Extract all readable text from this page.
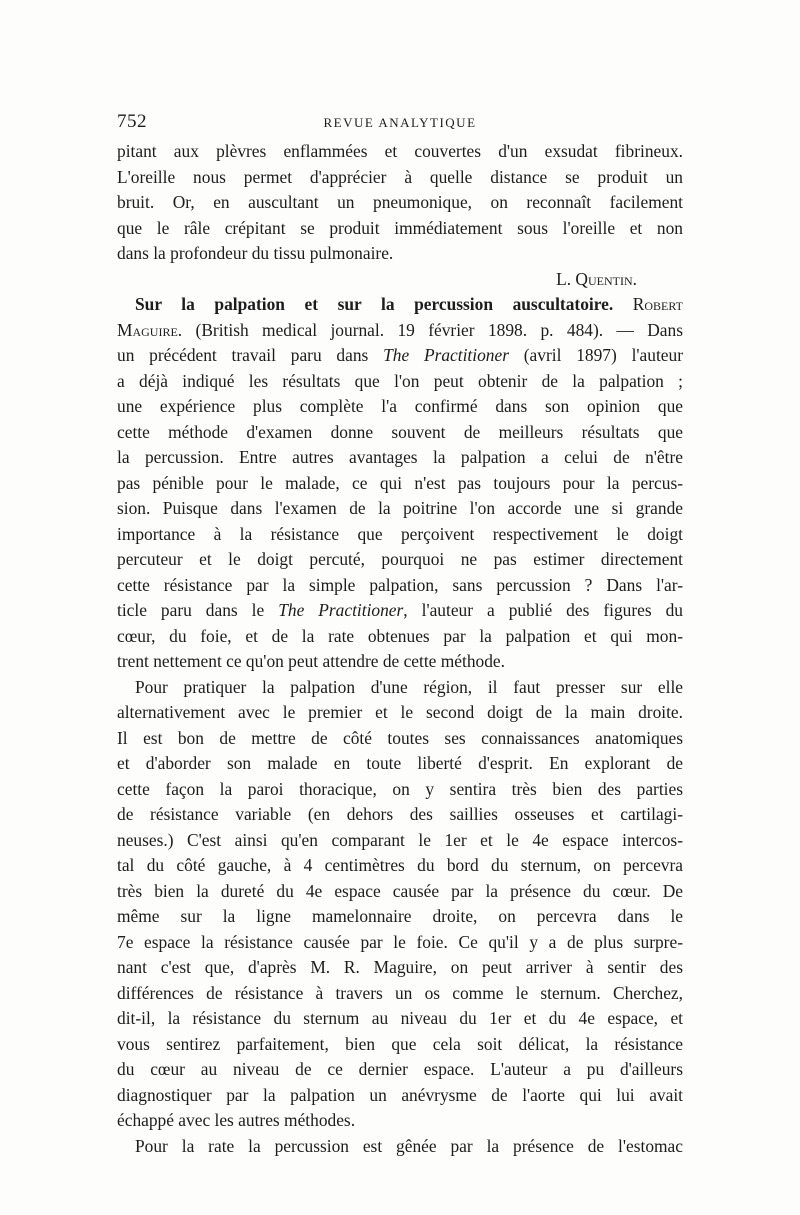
752	REVUE ANALYTIQUE
pitant aux plèvres enflammées et couvertes d'un exsudat fibrineux.
L'oreille nous permet d'apprécier à quelle distance se produit un
bruit. Or, en auscultant un pneumonique, on reconnaît facilement
que le râle crépitant se produit immédiatement sous l'oreille et non
dans la profondeur du tissu pulmonaire.
L. Quentin.
Sur la palpation et sur la percussion auscultatoire. Robert
Maguire. (British medical journal. 19 février 1898. p. 484). — Dans
un précédent travail paru dans The Practitioner (avril 1897) l'auteur
a déjà indiqué les résultats que l'on peut obtenir de la palpation ;
une expérience plus complète l'a confirmé dans son opinion que
cette méthode d'examen donne souvent de meilleurs résultats que
la percussion. Entre autres avantages la palpation a celui de n'être
pas pénible pour le malade, ce qui n'est pas toujours pour la percus-
sion. Puisque dans l'examen de la poitrine l'on accorde une si grande
importance à la résistance que perçoivent respectivement le doigt
percuteur et le doigt percuté, pourquoi ne pas estimer directement
cette résistance par la simple palpation, sans percussion ? Dans l'ar-
ticle paru dans le The Practitioner, l'auteur a publié des figures du
cœur, du foie, et de la rate obtenues par la palpation et qui mon-
trent nettement ce qu'on peut attendre de cette méthode.
Pour pratiquer la palpation d'une région, il faut presser sur elle
alternativement avec le premier et le second doigt de la main droite.
Il est bon de mettre de côté toutes ses connaissances anatomiques
et d'aborder son malade en toute liberté d'esprit. En explorant de
cette façon la paroi thoracique, on y sentira très bien des parties
de résistance variable (en dehors des saillies osseuses et cartilagi-
neuses.) C'est ainsi qu'en comparant le 1er et le 4e espace intercos-
tal du côté gauche, à 4 centimètres du bord du sternum, on percevra
très bien la dureté du 4e espace causée par la présence du cœur. De
même sur la ligne mamelonnaire droite, on percevra dans le
7e espace la résistance causée par le foie. Ce qu'il y a de plus surpre-
nant c'est que, d'après M. R. Maguire, on peut arriver à sentir des
différences de résistance à travers un os comme le sternum. Cherchez,
dit-il, la résistance du sternum au niveau du 1er et du 4e espace, et
vous sentirez parfaitement, bien que cela soit délicat, la résistance
du cœur au niveau de ce dernier espace. L'auteur a pu d'ailleurs
diagnostiquer par la palpation un anévrysme de l'aorte qui lui avait
échappé avec les autres méthodes.
Pour la rate la percussion est gênée par la présence de l'estomac
